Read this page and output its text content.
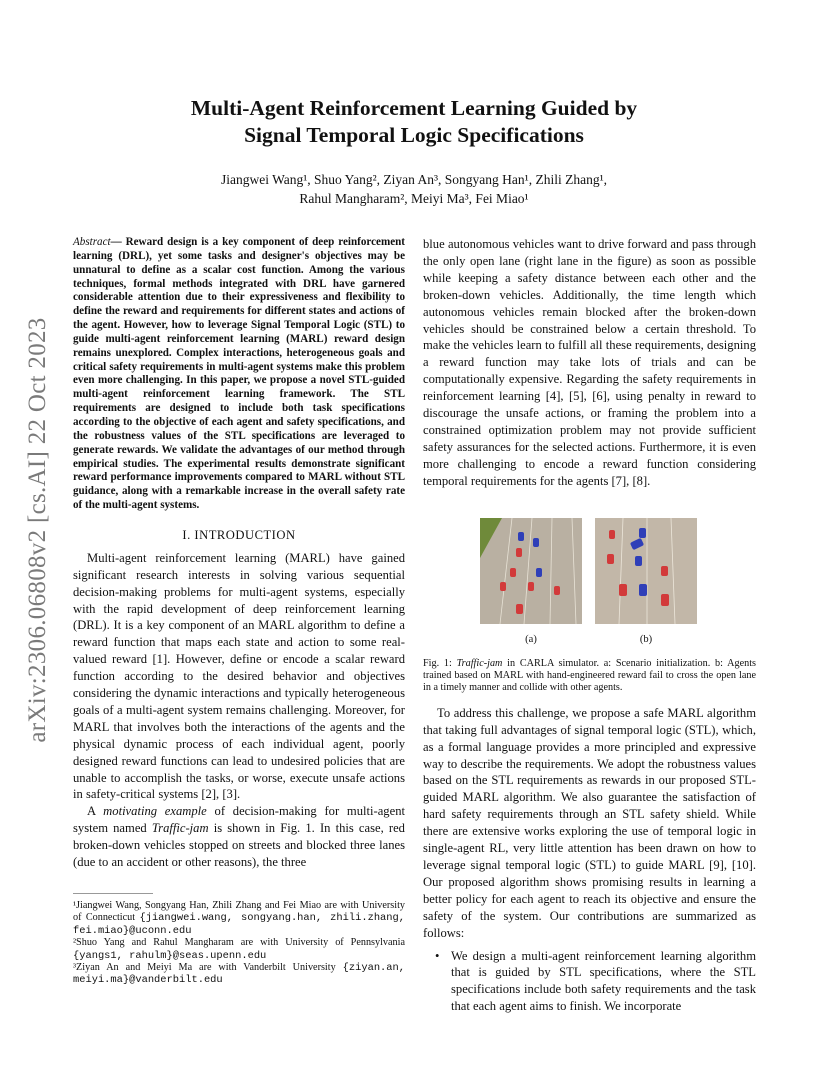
arXiv:2306.06808v2 [cs.AI] 22 Oct 2023
Multi-Agent Reinforcement Learning Guided by
Signal Temporal Logic Specifications
Jiangwei Wang¹, Shuo Yang², Ziyan An³, Songyang Han¹, Zhili Zhang¹,
Rahul Mangharam², Meiyi Ma³, Fei Miao¹

Abstract— Reward design is a key component of deep reinforcement learning (DRL), yet some tasks and designer's objectives may be unnatural to define as a scalar cost function. Among the various techniques, formal methods integrated with DRL have garnered considerable attention due to their expressiveness and flexibility to define the reward and requirements for different states and actions of the agent. However, how to leverage Signal Temporal Logic (STL) to guide multi-agent reinforcement learning (MARL) reward design remains unexplored. Complex interactions, heterogeneous goals and critical safety requirements in multi-agent systems make this problem even more challenging. In this paper, we propose a novel STL-guided multi-agent reinforcement learning framework. The STL requirements are designed to include both task specifications according to the objective of each agent and safety specifications, and the robustness values of the STL specifications are leveraged to generate rewards. We validate the advantages of our method through empirical studies. The experimental results demonstrate significant reward performance improvements compared to MARL without STL guidance, along with a remarkable increase in the overall safety rate of the multi-agent systems.

I. INTRODUCTION

Multi-agent reinforcement learning (MARL) have gained significant research interests in solving various sequential decision-making problems for multi-agent systems, especially with the rapid development of deep reinforcement learning (DRL). It is a key component of an MARL algorithm to define a reward function that maps each state and action to some real-valued reward [1]. However, define or encode a scalar reward function according to the desired behavior and objectives considering the dynamic interactions and typically heterogeneous goals of a multi-agent system remains challenging. Moreover, for MARL that involves both the interactions of the agents and the physical dynamic process of each individual agent, poorly designed reward functions can lead to undesired policies that are unable to accomplish the tasks, or worse, execute unsafe actions in safety-critical systems [2], [3].

A motivating example of decision-making for multi-agent system named Traffic-jam is shown in Fig. 1. In this case, red broken-down vehicles stopped on streets and blocked three lanes (due to an accident or other reasons), the three

¹Jiangwei Wang, Songyang Han, Zhili Zhang and Fei Miao are with University of Connecticut {jiangwei.wang, songyang.han, zhili.zhang, fei.miao}@uconn.edu

²Shuo Yang and Rahul Mangharam are with University of Pennsylvania {yangs1, rahulm}@seas.upenn.edu

³Ziyan An and Meiyi Ma are with Vanderbilt University {ziyan.an, meiyi.ma}@vanderbilt.edu

blue autonomous vehicles want to drive forward and pass through the only open lane (right lane in the figure) as soon as possible while keeping a safety distance between each other and the broken-down vehicles. Additionally, the time length which autonomous vehicles remain blocked after the broken-down vehicles should be constrained below a certain threshold. To make the vehicles learn to fulfill all these requirements, designing a reward function may take lots of trials and can be computationally expensive. Regarding the safety requirements in reinforcement learning [4], [5], [6], using penalty in reward to discourage the unsafe actions, or framing the problem into a constrained optimization problem may not provide sufficient safety assurances for the selected actions. Furthermore, it is even more challenging to encode a reward function considering temporal requirements for the agents [7], [8].

(a)	(b)

Fig. 1: Traffic-jam in CARLA simulator. a: Scenario initialization. b: Agents trained based on MARL with hand-engineered reward fail to cross the open lane in a timely manner and collide with other agents.

To address this challenge, we propose a safe MARL algorithm that taking full advantages of signal temporal logic (STL), which, as a formal language provides a more principled and expressive way to describe the requirements. We adopt the robustness values based on the STL requirements as rewards in our proposed STL-guided MARL algorithm. We also guarantee the satisfaction of hard safety requirements through an STL safety shield. While there are extensive works exploring the use of temporal logic in single-agent RL, very little attention has been drawn on how to leverage signal temporal logic (STL) to guide MARL [9], [10]. Our proposed algorithm shows promising results in learning a better policy for each agent to reach its objective and ensure the safety of the system. Our contributions are summarized as follows:

• We design a multi-agent reinforcement learning algorithm that is guided by STL specifications, where the STL specifications include both safety requirements and the task that each agent aims to finish. We incorporate
